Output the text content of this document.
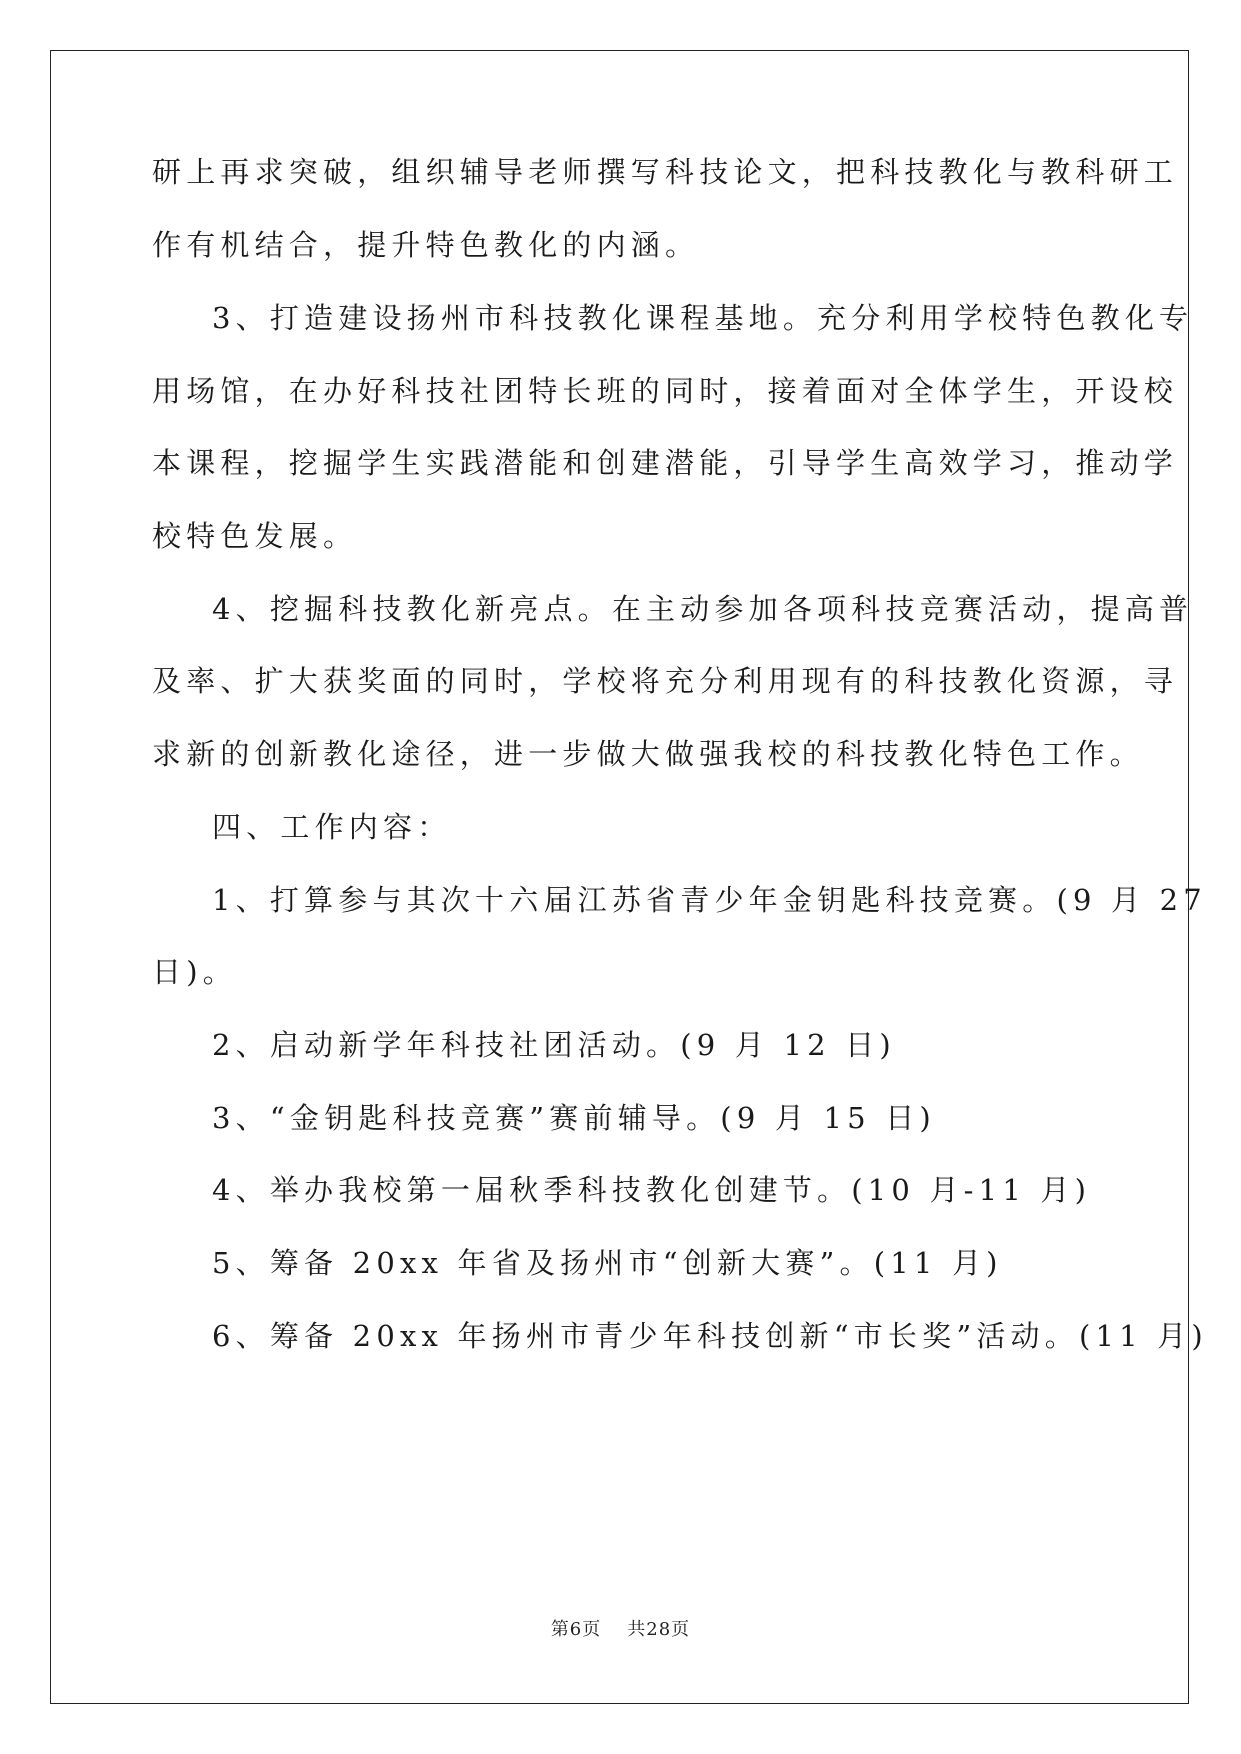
研上再求突破，组织辅导老师撰写科技论文，把科技教化与教科研工
作有机结合，提升特色教化的内涵。
3、打造建设扬州市科技教化课程基地。充分利用学校特色教化专
用场馆，在办好科技社团特长班的同时，接着面对全体学生，开设校
本课程，挖掘学生实践潜能和创建潜能，引导学生高效学习，推动学
校特色发展。
4、挖掘科技教化新亮点。在主动参加各项科技竞赛活动，提高普
及率、扩大获奖面的同时，学校将充分利用现有的科技教化资源，寻
求新的创新教化途径，进一步做大做强我校的科技教化特色工作。
四、工作内容：
1、打算参与其次十六届江苏省青少年金钥匙科技竞赛。(9 月 27
日)。
2、启动新学年科技社团活动。(9 月 12 日)
3、“金钥匙科技竞赛”赛前辅导。(9 月 15 日)
4、举办我校第一届秋季科技教化创建节。(10 月-11 月)
5、筹备 20xx 年省及扬州市“创新大赛”。(11 月)
6、筹备 20xx 年扬州市青少年科技创新“市长奖”活动。(11 月)
第6页 共28页
